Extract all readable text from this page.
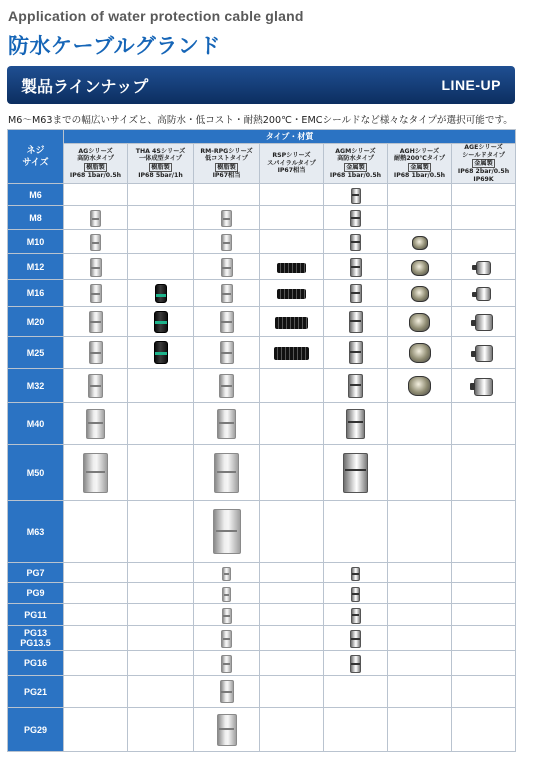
Application of water protection cable gland
防水ケーブルグランド
製品ラインナップ	LINE-UP
M6～M63までの幅広いサイズと、高防水・低コスト・耐熱200℃・EMCシールドなど様々なタイプが選択可能です。
ネジ
サイズ	タイプ・材質						

	AGシリーズ
高防水タイプ
樹脂製
IP68 1bar/0.5h	THA 4Sシリーズ
一体成型タイプ
樹脂製
IP68 5bar/1h	RM-RPGシリーズ
低コストタイプ
樹脂製
IP67相当	RSPシリーズ
スパイラルタイプ
IP67相当	AGMシリーズ
高防水タイプ
金属製
IP68 1bar/0.5h	AGHシリーズ
耐熱200℃タイプ
金属製
IP68 1bar/0.5h	AGEシリーズ
シールドタイプ
金属製
IP68 2bar/0.5h
IP69K

M6							
M8							
M10							
M12							
M16							
M20							
M25							
M32							
M40							
M50							
M63							
PG7							
PG9							
PG11							
PG13 PG13.5							
PG16							
PG21							
PG29							
